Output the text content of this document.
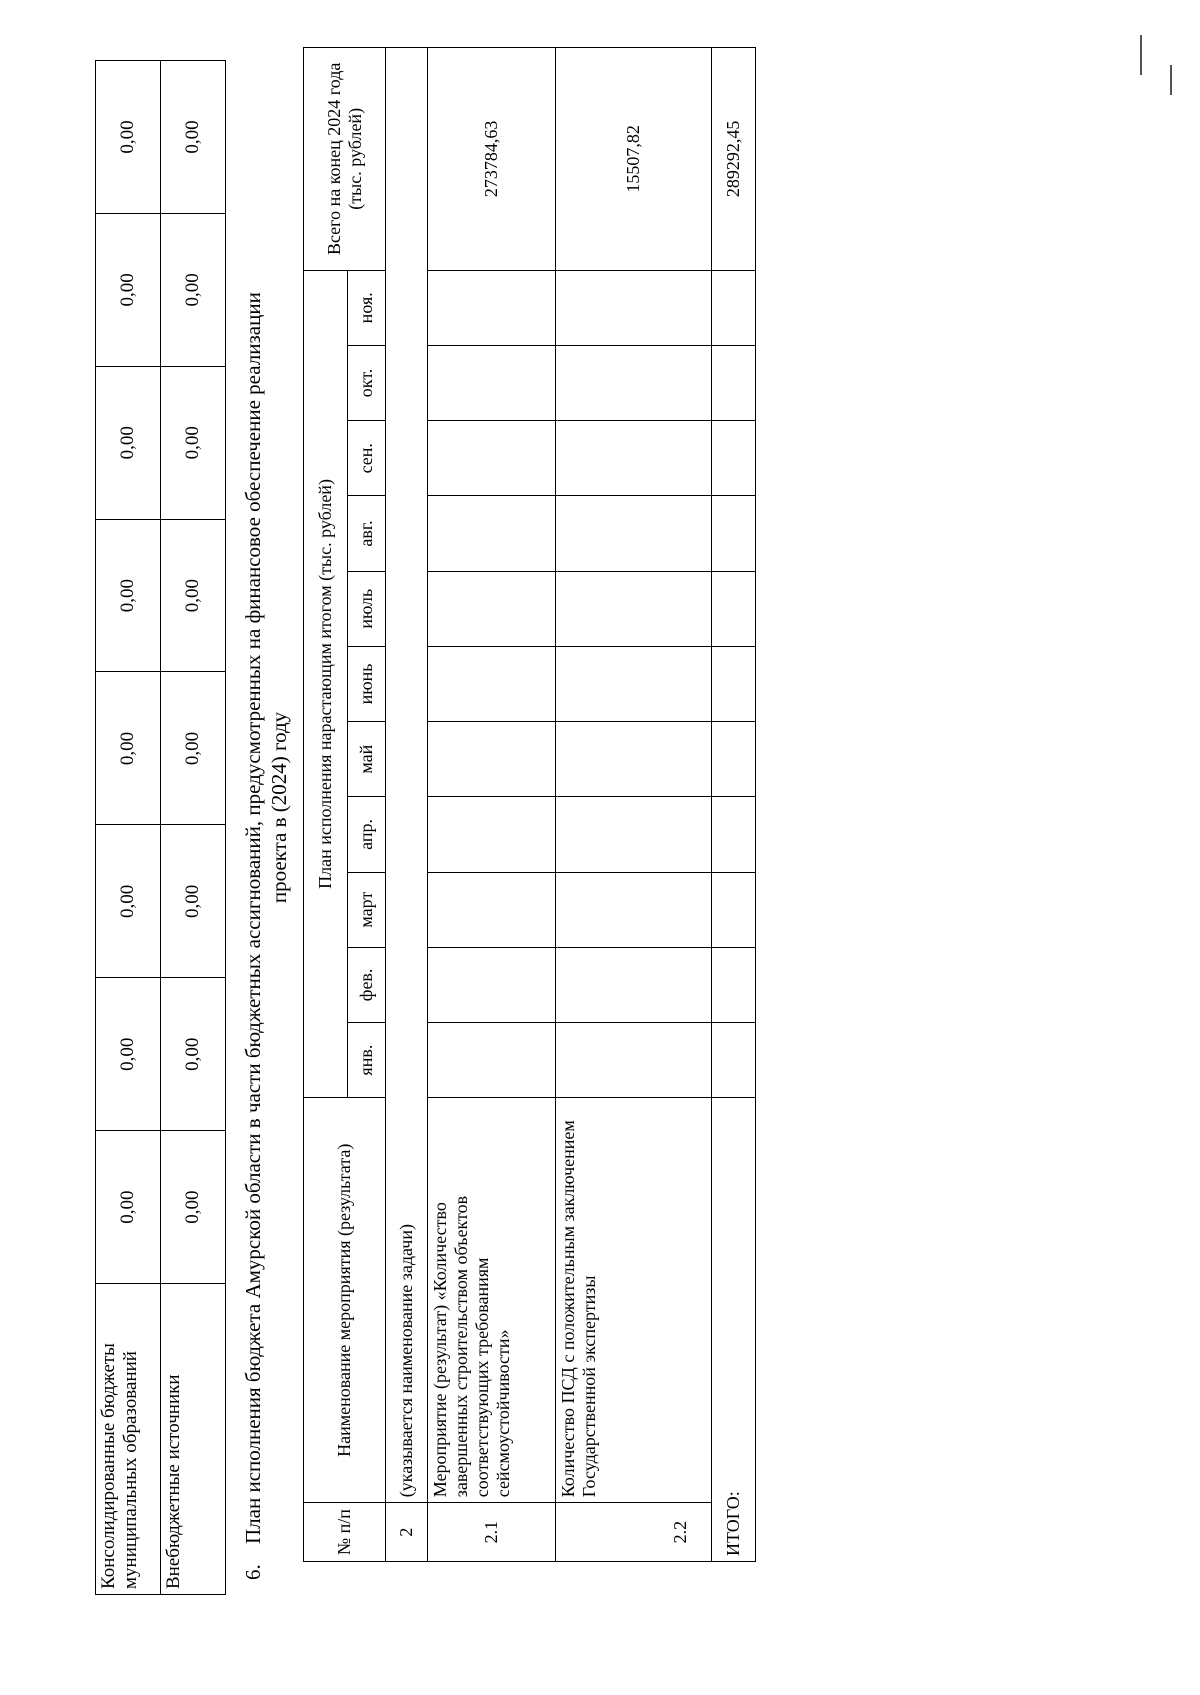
Консолидированные бюджеты муниципальных образований	0,00	0,00	0,00	0,00	0,00	0,00	0,00	0,00
Внебюджетные источники	0,00	0,00	0,00	0,00	0,00	0,00	0,00	0,00
6.План исполнения бюджета Амурской области в части бюджетных ассигнований, предусмотренных на финансовое обеспечение реализации проекта в (2024) году
№ п/п	Наименование мероприятия (результата)	План исполнения нарастающим итогом (тыс. рублей)											Всего на конец 2024 года (тыс. рублей)
		янв.	фев.	март	апр.	май	июнь	июль	авг.	сен.	окт.	ноя.	
2	(указывается наименование задачи)												
2.1	Мероприятие (результат) «Количество завершенных строительством объектов соответствующих требованиям сейсмоустойчивости»												273784,63
2.2	Количество ПСД с положительным заключением Государственной экспертизы												15507,82
ИТОГО:													289292,45
